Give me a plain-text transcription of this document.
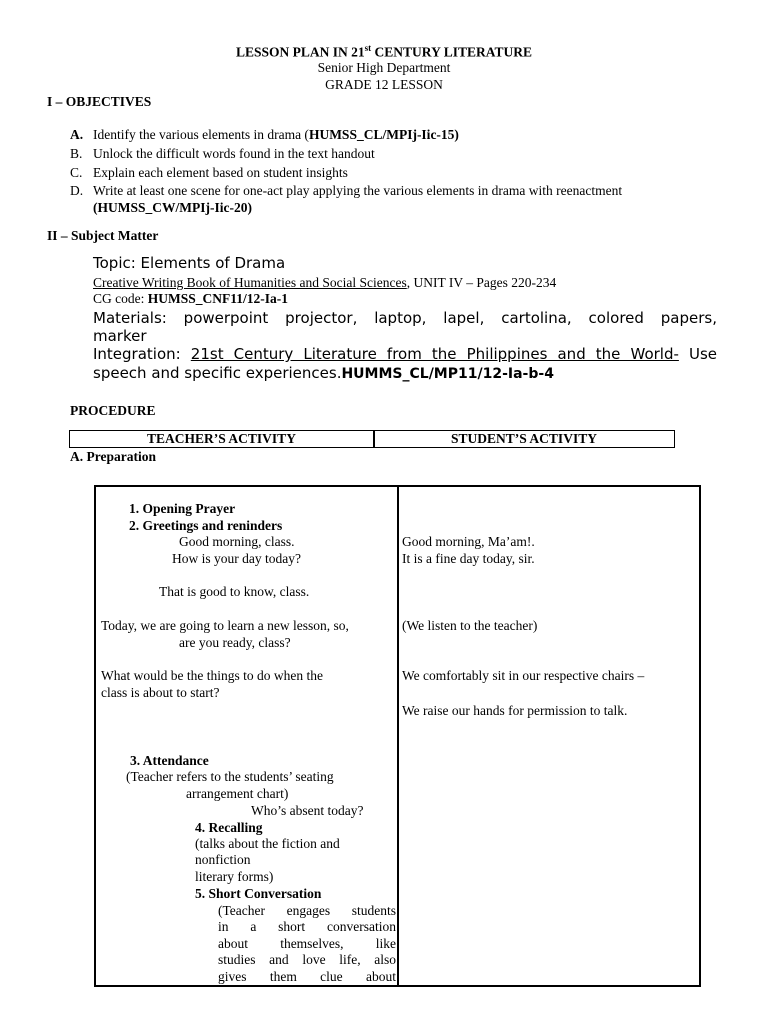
LESSON PLAN IN 21st CENTURY LITERATURE
Senior High Department
GRADE 12 LESSON
I – OBJECTIVES
A. Identify the various elements in drama (HUMSS_CL/MPIj-Iic-15)
B. Unlock the difficult words found in the text handout
C. Explain each element based on student insights
D. Write at least one scene for one-act play applying the various elements in drama with reenactment
(HUMSS_CW/MPIj-Iic-20)
II – Subject Matter
Topic: Elements of Drama
Creative Writing Book of Humanities and Social Sciences, UNIT IV – Pages 220-234
CG code: HUMSS_CNF11/12-Ia-1
Materials: powerpoint projector, laptop, lapel, cartolina, colored papers,
marker
Integration: 21st Century Literature from the Philippines and the World- Use
speech and specific experiences.HUMMS_CL/MP11/12-Ia-b-4
PROCEDURE
TEACHER’S ACTIVITY	STUDENT’S ACTIVITY
A. Preparation
1. Opening Prayer
2. Greetings and reninders
Good morning, class.
How is your day today?
That is good to know, class.
Today, we are going to learn a new lesson, so,
are you ready, class?
What would be the things to do when the
class is about to start?
3. Attendance
(Teacher refers to the students’ seating
arrangement chart)
Who’s absent today?
4. Recalling
(talks about the fiction and
nonfiction
literary forms)
5. Short Conversation
(Teacher engages students
in a short conversation
about themselves, like
studies and love life, also
gives them clue about
Good morning, Ma’am!.
It is a fine day today, sir.
(We listen to the teacher)
We comfortably sit in our respective chairs –
We raise our hands for permission to talk.
